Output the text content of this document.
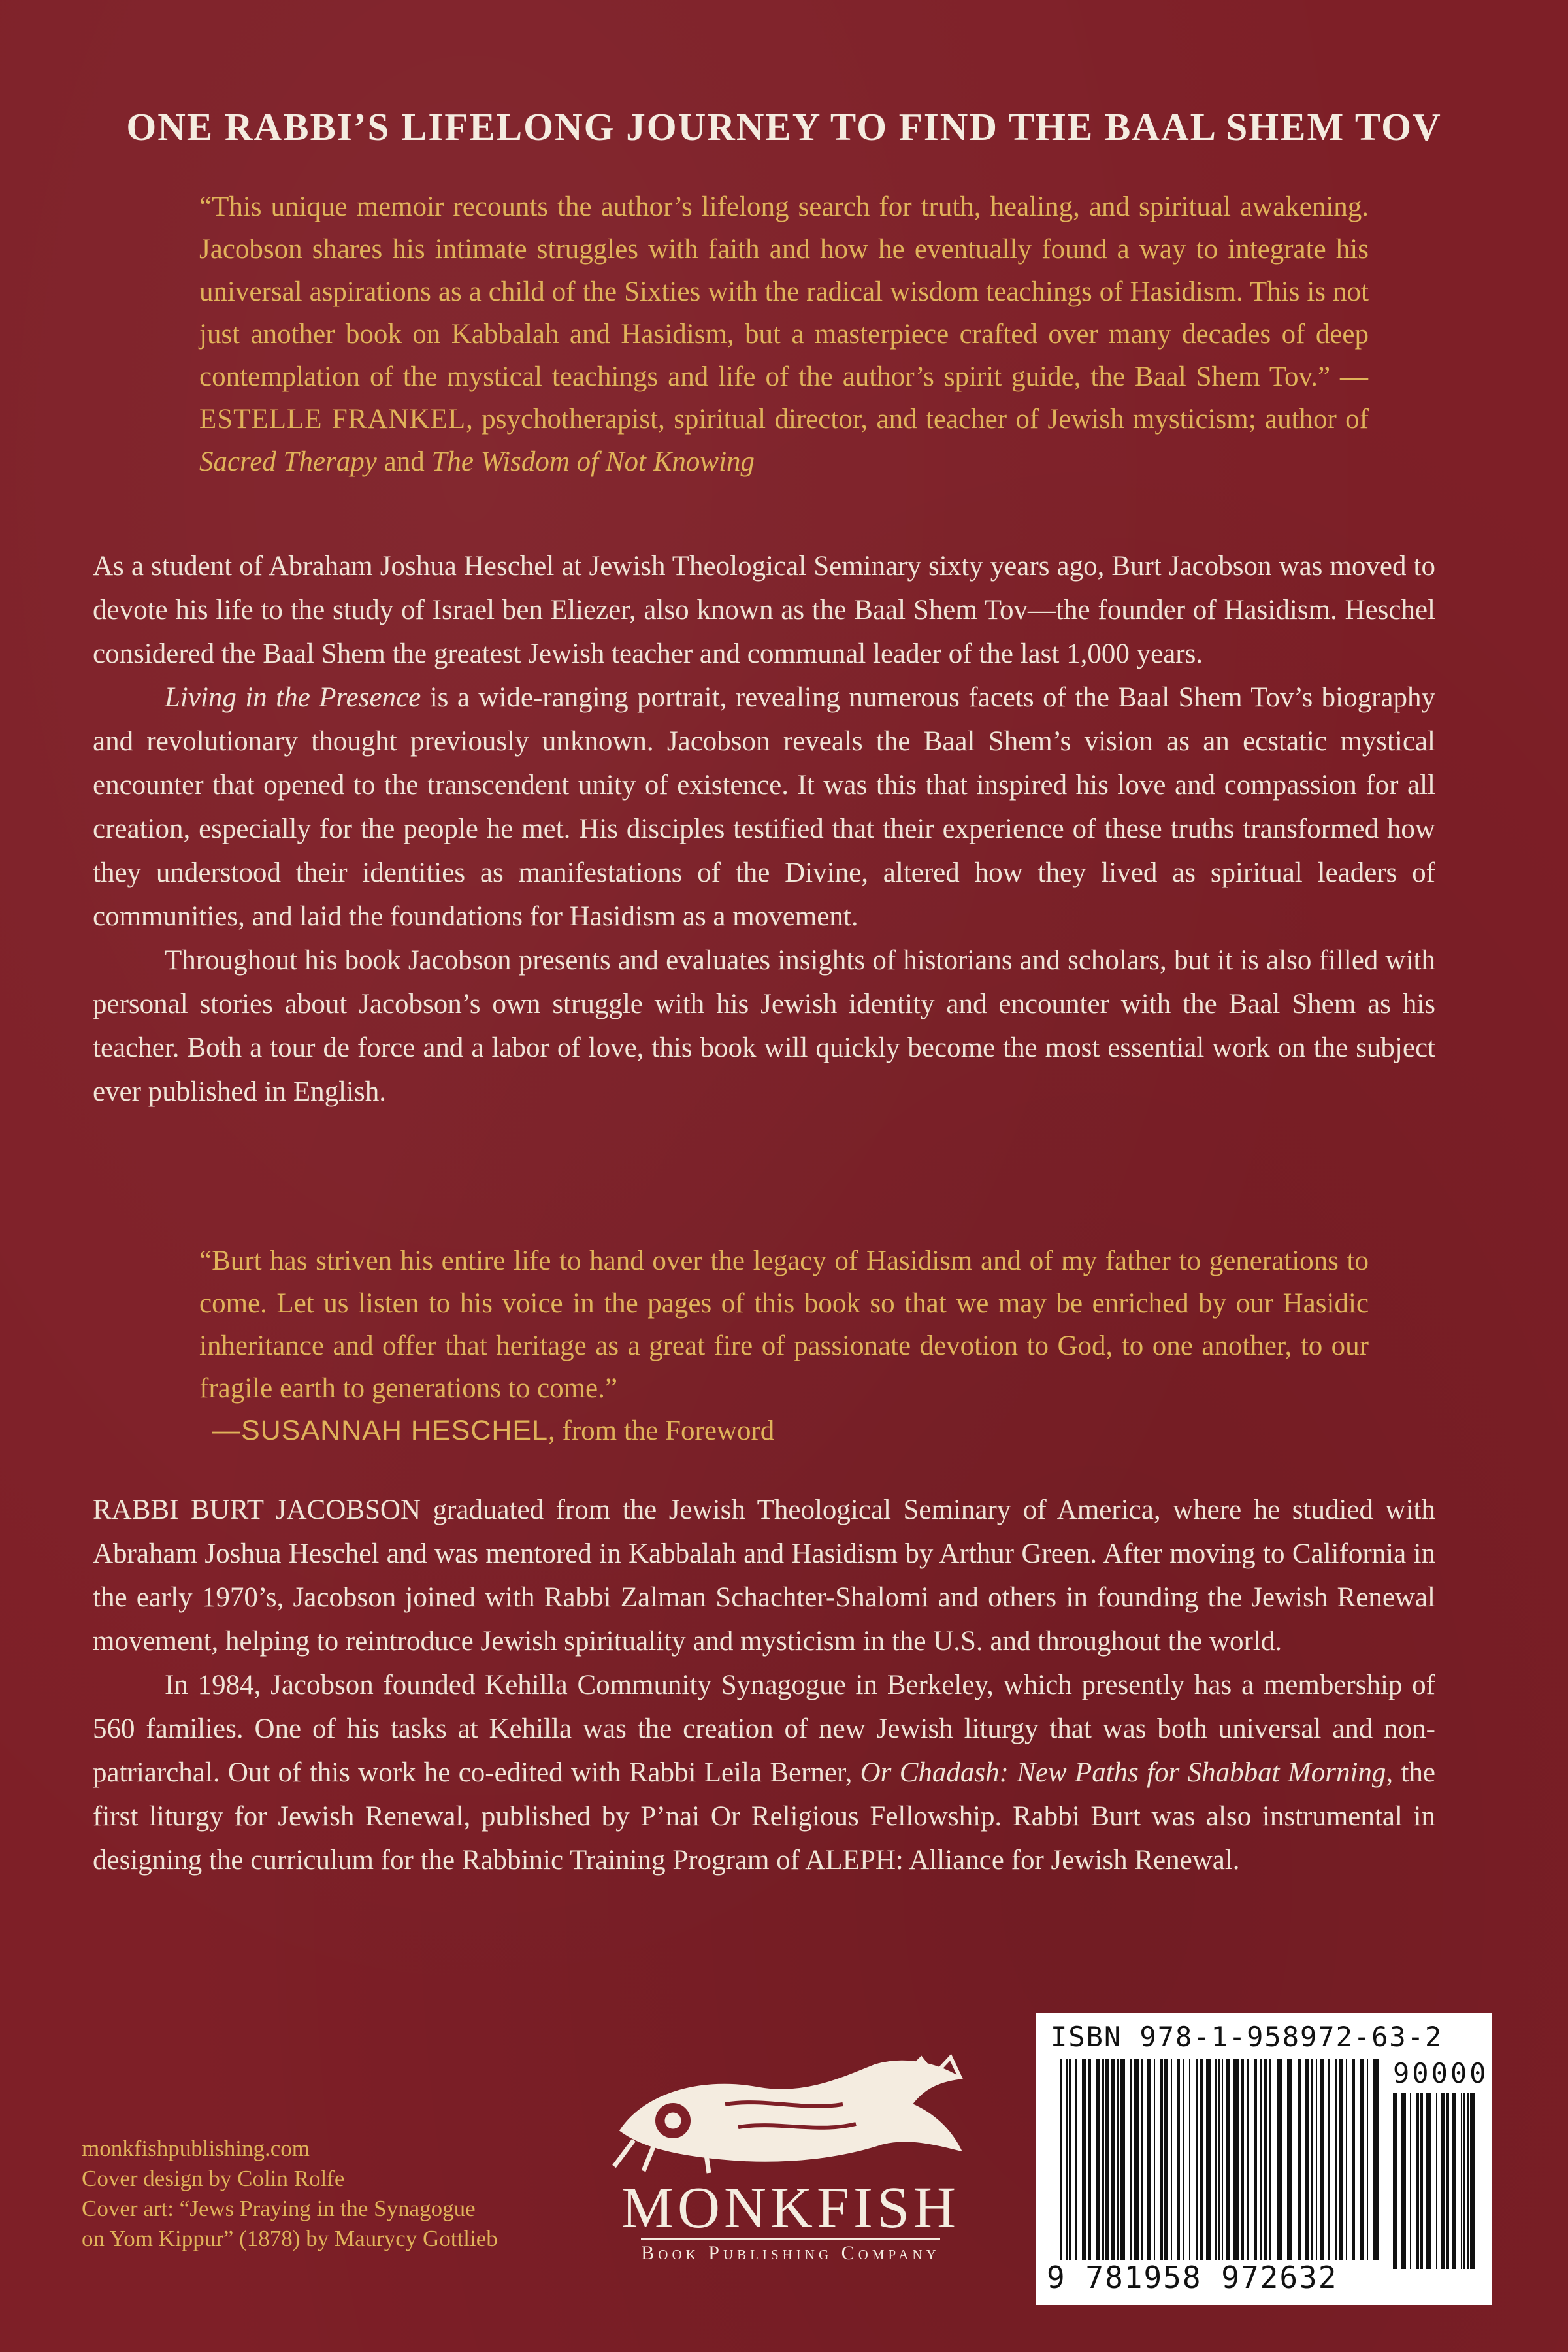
ONE RABBI’S LIFELONG JOURNEY TO FIND THE BAAL SHEM TOV
“This unique memoir recounts the author’s lifelong search for truth, healing, and spiritual awakening. Jacobson shares his intimate struggles with faith and how he eventually found a way to integrate his universal aspirations as a child of the Sixties with the radical wisdom teachings of Hasidism. This is not just another book on Kabbalah and Hasidism, but a masterpiece crafted over many decades of deep contemplation of the mystical teachings and life of the author’s spirit guide, the Baal Shem Tov.” —ESTELLE FRANKEL, psychotherapist, spiritual director, and teacher of Jewish mysticism; author of Sacred Therapy and The Wisdom of Not Knowing

As a student of Abraham Joshua Heschel at Jewish Theological Seminary sixty years ago, Burt Jacobson was moved to devote his life to the study of Israel ben Eliezer, also known as the Baal Shem Tov—the founder of Hasidism. Heschel considered the Baal Shem the greatest Jewish teacher and communal leader of the last 1,000 years.

Living in the Presence is a wide-ranging portrait, revealing numerous facets of the Baal Shem Tov’s biography and revolutionary thought previously unknown. Jacobson reveals the Baal Shem’s vision as an ecstatic mystical encounter that opened to the transcendent unity of existence. It was this that inspired his love and compassion for all creation, especially for the people he met. His disciples testified that their experience of these truths transformed how they understood their identities as manifestations of the Divine, altered how they lived as spiritual leaders of communities, and laid the foundations for Hasidism as a movement.

Throughout his book Jacobson presents and evaluates insights of historians and scholars, but it is also filled with personal stories about Jacobson’s own struggle with his Jewish identity and encounter with the Baal Shem as his teacher. Both a tour de force and a labor of love, this book will quickly become the most essential work on the subject ever published in English.

“Burt has striven his entire life to hand over the legacy of Hasidism and of my father to generations to come. Let us listen to his voice in the pages of this book so that we may be enriched by our Hasidic inheritance and offer that heritage as a great fire of passionate devotion to God, to one another, to our fragile earth to generations to come.”
—SUSANNAH HESCHEL, from the Foreword

RABBI BURT JACOBSON graduated from the Jewish Theological Seminary of America, where he studied with Abraham Joshua Heschel and was mentored in Kabbalah and Hasidism by Arthur Green. After moving to California in the early 1970’s, Jacobson joined with Rabbi Zalman Schachter-Shalomi and others in founding the Jewish Renewal movement, helping to reintroduce Jewish spirituality and mysticism in the U.S. and throughout the world.

In 1984, Jacobson founded Kehilla Community Synagogue in Berkeley, which presently has a membership of 560 families. One of his tasks at Kehilla was the creation of new Jewish liturgy that was both universal and non-patriarchal. Out of this work he co-edited with Rabbi Leila Berner, Or Chadash: New Paths for Shabbat Morning, the first liturgy for Jewish Renewal, published by P’nai Or Religious Fellowship. Rabbi Burt was also instrumental in designing the curriculum for the Rabbinic Training Program of ALEPH: Alliance for Jewish Renewal.

monkfishpublishing.com
Cover design by Colin Rolfe
Cover art: “Jews Praying in the Synagogue
on Yom Kippur” (1878) by Maurycy Gottlieb	MONKFISH
Book Publishing Company
ISBN 978-1-958972-63-2
90000
9 781958 972632
